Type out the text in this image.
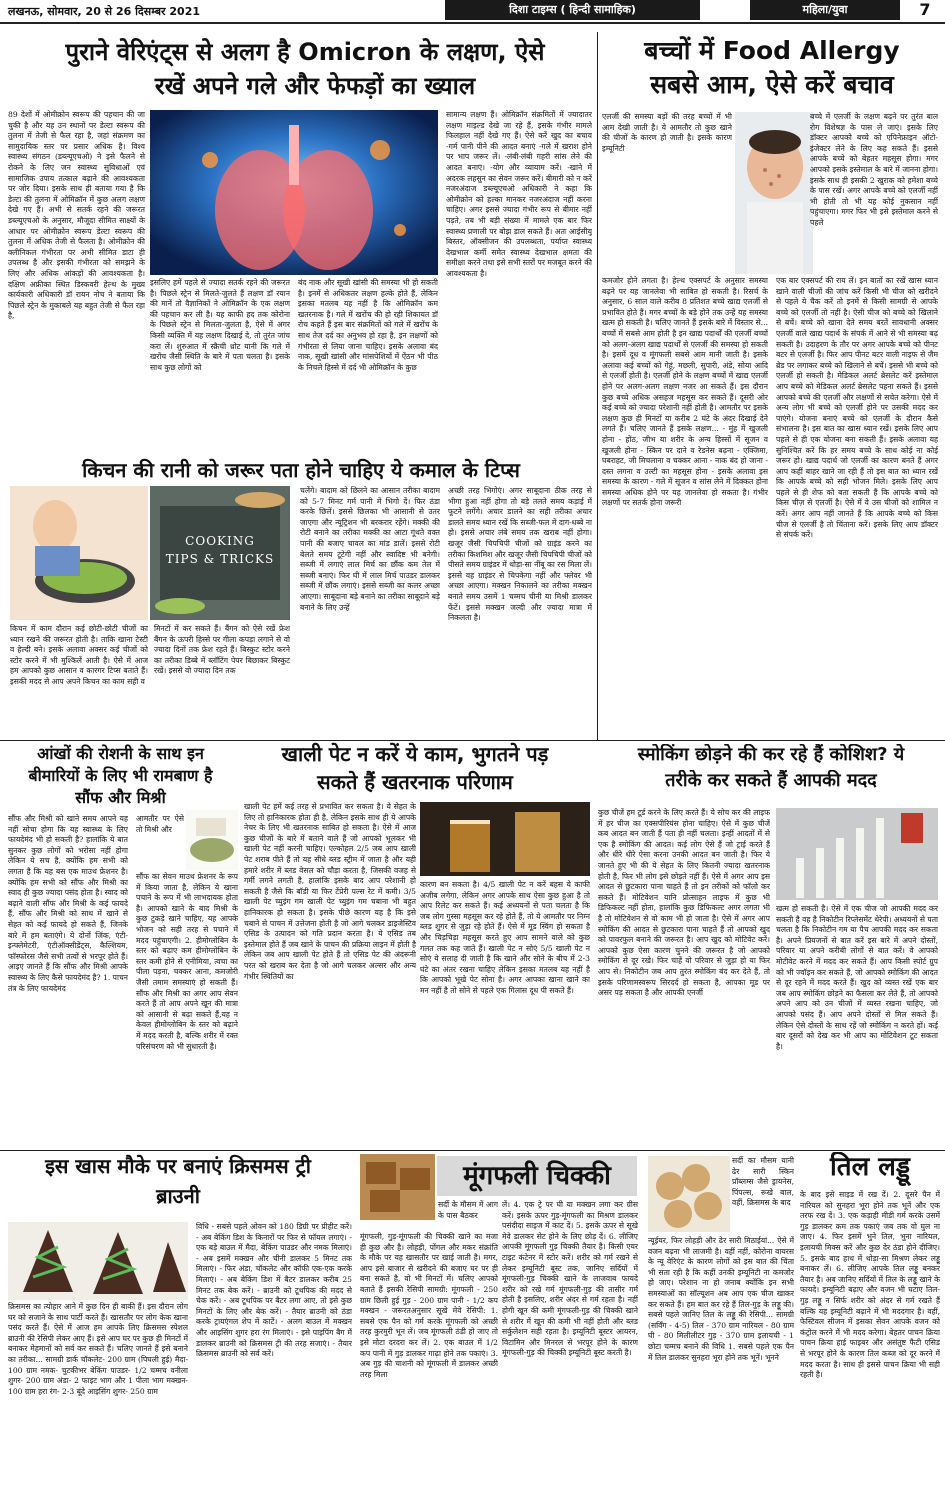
लखनऊ, सोमवार, 20 से 26 दिसम्बर 2021	दिशा टाइम्स ( हिन्दी सामाहिक)	महिला/युवा	7
पुराने वेरिएंट्स से अलग है Omicron के लक्षण, ऐसे
रखें अपने गले और फेफड़ों का ख्याल
89 देशों में ओमीक्रोन स्वरूप की पहचान की जा चुकी है और यह उन स्थानों पर डेल्टा स्वरूप की तुलना में तेजी से फैल रहा है, जहां संक्रमण का सामुदायिक स्तर पर प्रसार अधिक है। विश्व स्वास्थ्य संगठन (डब्ल्यूएचओ) ने इसे फैलने से रोकने के लिए जन स्वास्थ्य सुविधाओं एवं सामाजिक उपाय तत्काल बढ़ाने की आवश्यकता पर जोर दिया। इसके साथ ही बताया गया है कि डेल्टा की तुलना में ओमिक्रॉन में कुछ अलग लक्षण देखे गए हैं। अभी से सतर्क रहने की जरूरत डब्ल्यूएचओ के अनुसार, मौजूदा सीमित साक्ष्यों के आधार पर ओमीक्रोन स्वरूप डेल्टा स्वरूप की तुलना में अधिक तेजी से फैलता है। ओमीक्रोन की क्लीनिकल गंभीरता पर अभी सीमित डाटा ही उपलब्ध है और इसकी गंभीरता को समझने के लिए और अधिक आंकड़ों की आवश्यकता है। दक्षिण अफ्रीका स्थित डिस्कवरी हेल्थ के मुख्य कार्यकारी अधिकारी डॉ रायन नोच ने बताया कि पिछले स्ट्रेन के मुकाबले यह बहुत तेजी से फैल रहा है,
इसलिए हमें पहले से ज्यादा सतर्क रहने की जरूरत है। पिछले स्ट्रेन से मिलते-जुलते हैं लक्षण डॉ रयान की मानें तो वैज्ञानिकों ने ओमिक्रॉन के एक लक्षण की पहचान कर ली है। यह काफी हद तक कोरोना के पिछले स्ट्रेन से मिलता-जुलता है, ऐसे में अगर किसी व्यक्ति में यह लक्षण दिखाई दे, तो तुरंत जांच करा लें। शुरुआत में स्क्रैची थ्रोट यानी कि गले में खरोंच जैसी स्थिति के बारे में पता चलता है। इसके साथ कुछ लोगों को
बंद नाक और सूखी खांसी की समस्या भी हो सकती है। इनमें से अधिकतर लक्षण हल्के होते हैं, लेकिन इसका मतलब यह नहीं है कि ओमिक्रॉन कम खतरनाक है। गले में खरोंच की हो रही शिकायत डॉ रोच कहते हैं इस बार संक्रमितों को गले में खरोंच के साथ तेज दर्द का अनुभव हो रहा है, इन लक्षणों को गंभीरता से लिया जाना चाहिए। इसके अलावा बंद नाक, सूखी खांसी और मांसपेशियों में ऐंठन भी पीठ के निचले हिस्से में दर्द भी ओमिक्रॉन के कुछ
सामान्य लक्षण हैं। ओमिक्रॉन संक्रमितों में ज्यादातर लक्षण माइल्ड देखे जा रहे हैं, इसके गंभीर मामले फिलहाल नहीं देखे गए हैं। ऐसे करें खुद का बचाव -गर्म पानी पीने की आदत बनाएं -गले में खराश होने पर भाप जरूर लें। -लंबी-लंबी गहरी सांस लेने की आदत बनाएं। -योग और व्यायाम करें। -खाने में अदरक लहसुन का सेवन जरूर करें। बीमारी को न करें नजरअंदाज डब्ल्यूएचओ अधिकारी ने कहा कि ओमीक्रोन को हल्का मानकर नजरअंदाज नहीं करना चाहिए। अगर इससे ज्यादा गंभीर रूप से बीमार नहीं पड़ते, तब भी बड़ी संख्या में मामले एक बार फिर स्वास्थ्य प्रणाली पर बोझ डाल सकते हैं। अतः आईसीयू बिस्तर, ऑक्सीजन की उपलब्धता, पर्याप्त स्वास्थ्य देखभाल कर्मी समेत स्वास्थ्य देखभाल क्षमता की समीक्षा करने तथा इसे सभी स्तरों पर मजबूत करने की आवश्यकता है।
बच्चों में Food Allergy
सबसे आम, ऐसे करें बचाव
एलर्जी की समस्या बड़ों की तरह बच्चों में भी आम देखी जाती है। ये आमतौर तो कुछ खाने की चीजों के कारण हो जाती है। इसके कारण इम्यूनिटी
बच्चे में एलर्जी के लक्षण बढ़ने पर तुरंत बाल रोग विशेषज्ञ के पास ले जाएं। इसके लिए डॉक्टर आपको बच्चे को एपिनेफ्राइन ऑटो-इंजेक्टर लेने के लिए कह सकते हैं। इससे आपके बच्चे को बेहतर महसूस होगा। मगर आपको इसके इस्तेमाल के बारे में जानना होगा। इसके साथ ही इसकी 2 खुराक को हमेशा बच्चे के पास रखें। अगर आपके बच्चे को एलर्जी नहीं भी होती तो भी यह कोई नुकसान नहीं पहुंचाएगा। मगर फिर भी इसे इस्तेमाल करने से पहले
कमजोर होने लगता है। हेल्थ एक्सपर्ट के अनुसार समस्या बढ़ने पर यह जानलेवा भी साबित हो सकती है। रिसर्च के अनुसार, 6 साल वाले करीब 8 प्रतिशत बच्चे खाद्य एलर्जी से प्रभावित होते हैं। मगर बच्चों के बड़े होने तक उन्हें यह समस्या खत्म हो सकती है। चलिए जानते हैं इसके बारे में विस्तार से... बच्चों में सबसे आम होती है इन खाद्य पदार्थों की एलर्जी बच्चों को अलग-अलग खाद्य पदार्थों से एलर्जी की समस्या हो सकती है। इसमें दूध व मूंगफली सबसे आम मानी जाती है। इसके अलावा कई बच्चों को गेहूं, मछली, सुपारी, अंडे, सोया आदि से एलर्जी होती है। एलर्जी होने के लक्षण बच्चों में खाद्य एलर्जी होने पर अलग-अलग लक्षण नजर आ सकते हैं। इस दौरान कुछ बच्चे अधिक असहज महसूस कर सकते हैं। दूसरी ओर कई बच्चे को ज्यादा परेशानी नहीं होती है। आमतौर पर इसके लक्षण कुछ ही मिनटों या करीब 2 घंटे के अंदर दिखाई देने लगते हैं। चलिए जानते हैं इसके लक्षण... - मुंह में खुजली होना - होंठ, जीभ या शरीर के अन्य हिस्सों में सूजन व खुजली होना - स्किन पर दाने व रेडनेस बढ़ना - एक्जिमा, घबराहट, जी मिचलाना व चक्कर आना - नाक बंद हो जाना - दस्त लगना व उल्टी का महसूस होना - इसके अलावा इस समस्या के कारण - गले में सूजन व सांस लेने में दिक्कत होना समस्या अधिक होने पर यह जानलेवा हो सकता है। गंभीर लक्षणों पर सतर्क होना जरूरी
एक बार एक्सपर्ट की राय लें। इन बातों का रखें खास ध्यान खाने वाली चीजों की जांच करें किसी भी चीज को खरीदने से पहले ये चैक करें तो इनमें से किसी सामग्री से आपके बच्चे को एलर्जी तो नहीं है। ऐसी चीज को बच्चे को खिलाने से बचें। बच्चे को खाना देते समय बरतें सावधानी अक्सर एलर्जी वाले खाद्य पदार्थ के संपर्क में आने से भी समस्या बढ़ सकती है। उदाहरण के तौर पर अगर आपके बच्चे को पीनट बटर से एलर्जी है। फिर आप पीनट बटर वाली नाइफ से जैम ब्रेड पर लगाकर बच्चे को खिलाने से बचें। इससे भी बच्चे को एलर्जी हो सकती है। मेडिकल अलर्ट ब्रेसलेट करें इस्तेमाल आप बच्चे को मेडिकल अलर्ट ब्रेसलेट पहना सकते हैं। इससे आपको बच्चे की एलर्जी और लक्षणों से सचेत करेगा। ऐसे में अन्य लोग भी बच्चे को एलर्जी होने पर उसकी मदद कर पाएंगे। योजना बनाएं बच्चे को एलर्जी के दौरान कैसे संभालना है। इस बात का खास ध्यान रखें। इसके लिए आप पहले से ही एक योजना बना सकती हैं। इसके अलावा यह सुनिश्चित करें कि हर समय बच्चे के साथ कोई ना कोई जरूर हो। खाद्य पदार्थ जो एलर्जी का कारण बनते हैं अगर आप कहीं बाहर खाने जा रही हैं तो इस बात का ध्यान रखें कि आपके बच्चे को सही भोजन मिले। इसके लिए आप पहले से ही शेफ को बता सकती हैं कि आपके बच्चे को किस चीज़ से एलर्जी है। ऐसे में वे उस चीजों को शामिल न करें। अगर आप नहीं जानते हैं कि आपके बच्चे को किस चीज से एलर्जी है तो चिंताना करें। इसके लिए आप डॉक्टर से संपर्क करें।
किचन की रानी को जरूर पता होने चाहिए ये कमाल के टिप्स
COOKING
TIPS & TRICKS
किचन में काम दौरान कई छोटी-छोटी चीजों का ध्यान रखने की जरूरत होती है। ताकि खाना टेस्टी व हेल्दी बने। इसके अलावा अक्सर कई चीजों को स्टोर करने में भी मुश्किलें आती है। ऐसे में आज हम आपको कुछ आसान व कारगर टिप्स बताते हैं। इसकी मदद से आप अपने किचन का काम सही व
मिनटों में कर सकते हैं। बैंगन को ऐसे रखें फ्रेश बैंगन के ऊपरी हिस्से पर गीला कपड़ा लगाने से वो ज्यादा दिनों तक फ्रेश रहते हैं। बिस्कुट स्टोर करने का तरीका डिब्बे में ब्लॉटिंग पेपर बिछाकर बिस्कुट रखें। इससे वो ज्यादा दिन तक
चलेंगे। बादाम को छिलने का आसान तरीका बादाम को 5-7 मिनट गर्म पानी में भिगो दें। फिर ठंडा करके छिलें। इससे छिलका भी आसानी से उतर जाएगा और न्यूट्रिशन भी बरकरार रहेंगे। मक्की की रोटी बनाने का तरीका मक्की का आटा गूंथते वक्त पानी की बजाए चावल का मांड डालें। इससे रोटी बेलते समय टूटेगी नहीं और स्वादिष्ट भी बनेगी। सब्जी में लगाएं लाल मिर्च का छौंक कम तेल में सब्जी बनाएं। फिर घी में लाल मिर्च पाउडर डालकर सब्जी में छौंक लगाएं। इससे सब्जी का कलर अच्छा आएगा। साबूदाना बड़े बनाने का तरीका साबूदाने बड़े बनाने के लिए उन्हें
अच्छी तरह भिगोएं। अगर साबूदाना ठीक तरह से भीगा हुआ नहीं होगा तो बड़े तलते समय कड़ाई में फूटने लगेंगे। अचार डालने का सही तरीका अचार डालते समय ध्यान रखें कि सब्जी-फल में दाग-धब्बे ना हो। इससे अचार लंबे समय तक खराब नहीं होगा। खजूर जैसी चिपचिपी चीजों को ग्राइंड करने का तरीका किशमिश और खजूर जैसी चिपचिपी चीजों को पीसते समय ग्राइंडर में थोड़ा-सा नींबू का रस मिला लें। इससे वह ग्राइंडर से चिपकेगा नहीं और फ्लेवर भी अच्छा आएगा। मक्खन निकालने का तरीका मक्खन बनाते समय उसमें 1 चम्मच चीनी या मिश्री डालकर फेंटें। इससे मक्खन जल्दी और ज्यादा मात्रा में निकलता है।
आंखों की रोशनी के साथ इन
बीमारियों के लिए भी रामबाण है
सौंफ और मिश्री
सौंफ और मिश्री को खाने समय आपने यह नहीं सोचा होगा कि यह स्वास्थ्य के लिए फायदेमंद भी हो सकती है? हालांकि ये बात सुनकर कुछ लोगों को भरोसा नहीं होगा लेकिन ये सच है, क्योंकि हम सभी को लगता है कि यह बस एक माउथ फ्रेशनर है। क्योंकि हम सभी को सौंफ और मिश्री का स्वाद ही कुछ ज्यादा पसंद होता है। स्वाद को बढ़ाने वाली सौंफ और मिश्री के कई फायदे हैं, सौंफ और मिश्री को साथ में खाने से सेहत को कई फायदे हो सकते हैं, जिनके बारे में हम बताएंगे। ये दोनों जिंक, एंटी-इन्फ्लेमेटरी, एंटीऑक्सीडेंट्स, कैल्शियम, फॉस्फोरस जैसे सभी तत्वों से भरपूर होते हैं। आइए जानते हैं कि सौंफ और मिश्री आपके स्वास्थ्य के लिए कैसे फायदेमंद है? 1. पाचन तंत्र के लिए फायदेमंद
आमतौर पर ऐसे तो मिश्री और
सौंफ का सेवन माउथ फ्रेशनर के रूप में किया जाता है, लेकिन ये खाना पचाने के रूप में भी लाभदायक होता है। आपको खाने के बाद मिश्री के कुछ टुकड़े खाने चाहिए, यह आपके भोजन को सही तरह से पचाने में मदद पहुंचाएगी। 2. हीमोग्लोबिन के स्तर को बढ़ाए कम हीमोग्लोबिन के स्तर कमी होने से एनीमिया, त्वचा का पीला पड़ना, चक्कर आना, कमजोरी जैसी तमाम समस्याएं हो सकती हैं। सौंफ और मिश्री का अगर आप सेवन करते हैं तो आप अपने खून की मात्रा को आसानी से बढ़ा सकते हैं,यह न केवल हीमोग्लोबिन के स्तर को बढ़ाने में मदद करती है, बल्कि शरीर में रक्त परिसंचरण को भी सुधारती है।
खाली पेट न करें ये काम, भुगतने पड़
सकते हैं खतरनाक परिणाम
खाली पेट हमें कई तरह से प्रभावित कर सकता है। ये सेहत के लिए तो हानिकारक होता ही है, लेकिन इसके साथ ही ये आपके नेचर के लिए भी खतरनाक साबित हो सकता है। ऐसे में आज कुछ चीजों के बारे में बताने वाले हैं जो आपको भूलकर भी खाली पेट नहीं करनी चाहिए। एल्कोहल 2/5 जब आप खाली पेट शराब पीते हैं तो यह सीधे ब्लड स्ट्रीम में जाता है और यही हमारे शरीर में ब्लड वेसल को चौड़ा करता है, जिसकी वजह से गर्मी लगने लगती है, हालांकि इसके बाद आप परेशानी हो सकती है जैसे कि बॉडी या फिर टेंप्रेरी पल्स रेट में कमी। 3/5 खाली पेट च्युइंग गम खाली पेट च्युइंग गम चबाना भी बहुत हानिकारक हो सकता है। इसके पीछे कारण यह है कि इसे चबाने से पाचन में उत्तेजना होती है जो आगे चलकर डाइजेस्टिव एसिड के उत्पादन को गति प्रदान करता है। ये एसिड तब इस्तेमाल होते हैं जब खाने के पाचन की प्रक्रिया लाइन में होती है लेकिन जब आप खाली पेट होते हैं तो एसिड पेट की अंदरूनी परत को खराब कर देता है जो आगे चलकर अल्सर और अन्य गंभीर स्थितियों का
कारण बन सकता है। 4/5 खाली पेट न करें बहस ये काफी अजीब लगेगा, लेकिन अगर आपके साथ ऐसा कुछ हुआ है तो आप रिलेट कर सकते हैं। कई अध्ययनों से पता चलता है कि जब लोग गुस्सा महसूस कर रहे होते हैं, तो ये आमतौर पर निम्न ब्लड शुगर से जुड़ा रहे होते हैं। ऐसे में मूड स्विंग हो सकता है और चिड़चिड़ा महसूस करते हुए आप सामने वाले को कुछ गलत तक कह जाते हैं। खाली पेट न सोएं 5/5 खाली पेट न सोएं ये सलाह दी जाती है कि खाने और सोने के बीच में 2-3 घंटे का अंतर रखना चाहिए लेकिन इसका मतलब यह नहीं है कि आपको भूखे पेट सोना है। अगर आपका खाना खाने का मन नहीं है तो सोने से पहले एक गिलास दूध पी सकते हैं।
स्मोकिंग छोड़ने की कर रहे हैं कोशिश? ये
तरीके कर सकते हैं आपकी मदद
कुछ चीजें हम टूर्ड करने के लिए करते हैं। ये सोच कर की लाइफ में हर चीज का एक्सपीरियंस होना चाहिए। ऐसे में कुछ चीजें कब आदत बन जाती हैं पता ही नहीं चलता। इन्हीं आदतों में से एक है स्मोकिंग की आदत। कई लोग ऐसे हैं जो ट्राई करते हैं और धीरे धीरे ऐसा करना उनकी आदत बन जाती है। फिर ये जानते हुए भी की ये सेहत के लिए कितनी ज्यादा खतरनाक होती है, फिर भी लोग इसे छोड़ते नहीं हैं। ऐसे में अगर आप इस आदत से छुटकारा पाना चाहते हैं तो इन तरीकों को फॉलो कर सकते हैं। मोटिवेशन यानि प्रोत्साहन लाइफ में कुछ भी डिफिकल्ट नहीं होता, हालांकि कुछ डिफिकल्ट अगर लगता भी है तो मोटिवेशन से वो काम भी हो जाता है। ऐसे में अगर आप स्मोकिंग की आदत से छुटकारा पाना चाहते हैं तो आपको खुद को पावरफुल बनाने की जरूरत है। आप खुद को मोटिवेट करें। आपको कुछ ऐसा कारण चुनने की जरूरत है जो आपको स्मोकिंग से दूर रखे। फिर चाहें वो परिवार से जुड़ा हो या फिर आप से। निकोटीन जब आप तुरंत स्मोकिंग बंद कर देते हैं, तो इसके परिणामस्वरूप सिरदर्द हो सकता है, आपका मूड पर असर पड़ सकता है और आपकी एनर्जी
खत्म हो सकती है। ऐसे में एक चीज जो आपकी मदद कर सकती है वह है निकोटीन रिप्लेसमेंट थेरेपी। अध्ययनों से पता चलता है कि निकोटीन गम या पैच आपकी मदद कर सकता है। अपने प्रियजनों से बात करें इस बारे में अपने दोस्तों, परिवार या अपने करीबी लोगों से बात करें। वे आपको मोटीवेट करने में मदद कर सकते हैं। आप किसी स्पोर्ट ग्रुप को भी ज्वॉइन कर सकते हैं, जो आपको स्मोकिंग की आदत से दूर रहने में मदद करते हैं। खुद को व्यस्त रखें एक बार जब आप स्मोकिंग छोड़ने का फैसला कर लेते हैं, तो आपको अपने आप को उन चीजों में व्यस्त रखना चाहिए, जो आपको पसंद हैं। आप अपने दोस्तों से मिल सकते हैं। लेकिन ऐसे दोस्तों के साथ रहें जो स्मोकिंग न करते हों। कई बार दूसरों को देख कर भी आप का मोटिवेशन टूट सकता है।
इस खास मौके पर बनाएं क्रिसमस ट्री
ब्राउनी
क्रिसमस का त्योहार आने में कुछ दिन ही बाकी हैं। इस दौरान लोग घर को सजाने के साथ पार्टी करते हैं। खासतौर पर लोग केक खाना पसंद करते हैं। ऐसे में आज हम आपके लिए क्रिसमस स्पेशल ब्राउनी की रेसिपी लेकर आए हैं। इसे आप घर पर कुछ ही मिनटों में बनाकर मेहमानों को सर्व कर सकते हैं। चलिए जानते हैं इसे बनाने का तरीका... सामग्री डार्क चॉकलेट- 200 ग्राम (पिघली हुई) मैदा- 100 ग्राम नमक- चुटकीभर बेकिंग पाउडर- 1/2 चम्मच वनीला शुगर- 200 ग्राम अंडा- 2 फाइट भाग और 1 पीला भाग मक्खन- 100 ग्राम हरा रंग- 2-3 बूंदे आइसिंग शुगर- 250 ग्राम
विधि - सबसे पहले ओवन को 180 डिग्री पर प्रीहीट करें। - अब बेकिंग डिश के किनारों पर फिर से फॉयल लगाएं। - एक बड़े बाउल में मैदा, बेकिंग पाउडर और नमक मिलाएं। - अब इसमें मक्खन और चीनी डालकर 5 मिनट तक मिलाएं। - फिर अंडा, चॉकलेट और कॉफी एक-एक करके मिलाएं। - अब बेकिंग डिश में बैटर डालकर करीब 25 मिनट तक बेक करें। - ब्राउनी को टूथपिक की मदद से चेक करें। - अब टूथपिक पर बैटर लगा आए, तो इसे कुछ मिनटों के लिए और बेक करें। - तैयार ब्राउनी को ठंडा करके ट्रायएंगल शेप में काटें। - अलग बाउल में मक्खन और आइसिंग शुगर हरा रंग मिलाएं। - इसे पाइपिंग बैग में डालकर ब्राउनी को क्रिसमस ट्री की तरह सजाएं। - तैयार क्रिसमस ब्राउनी को सर्व करें।
मूंगफली चिक्की
सर्दी के मौसम में आग के पास बैठकर
मूंगफली, गुड़-मूंगफली की चिक्की खाने का मजा ही कुछ और है। लोहड़ी, पोंगल और मकर संक्रांति के मौके पर यह खासतौर पर खाई जाती है। मगर, आप इसे बाजार से खरीदने की बजाए घर पर ही बना सकते है, वो भी मिनटों में। चलिए आपको बताते हैं इसकी रेसिपी सामग्री: मूंगफली - 250 ग्राम छिली हुई गुड़ - 200 ग्राम पानी - 1/2 कप मक्खन - जरूरतअनुसार सूखे मेवे रेसिपी: 1. सबसे एक पैन को गर्म करके मूंगफली को अच्छी तरह कुरमुरी भून लें। जब मूंगफली ठंडी हो जाए तो इसे मोटा दरदरा कर लें। 2. एक बाउल में 1/2 कप पानी में गुड़ डालकर गाढ़ा होने तक पकाएं। 3. अब गुड़ की चाशनी को मूंगफली में डालकर अच्छी तरह मिला
लें। 4. एक ट्रे पर घी या मक्खन लगा कर ग्रीस करें। इसके ऊपर गुड़-मूंगफली का मिश्रण डालकर पसंदीदा साइज में काट दें। 5. इसके ऊपर से सूखे मेवे डालकर सेट होने के लिए छोड़ दें। 6. लीजिए आपकी मूंगफली गुड़ चिक्की तैयार है। किसी एयर टाइट कंटेनर में स्टोर करें। शरीर को गर्म रखने से लेकर इम्यूनिटी बूस्ट तक, जानिए सर्दियों में मूंगफली-गुड़ चिक्की खाने के लाजवाब फायदे शरीर को रखे गर्म मूंगफली-गुड़ की तासीर गर्म होती है इसलिए, शरीर अंदर से गर्म रहता है। नहीं होगी खून की कमी मूंगफली-गुड़ की चिक्की खाने से शरीर में खून की कमी भी नहीं होती और ब्लड सर्कुलेशन सही रहता है। इम्यूनिटी बूस्टर आयरन, विटामिन और मिनरल से भरपूर होने के कारण मूंगफली-गुड़ की चिक्की इम्यूनिटी बूस्ट करती है।
सर्दी का मौसम यानी ढेर सारी स्किन प्रॉब्लम्स जैसे ड्रायनेस, पिंपल्स, रूखे बाल, वहीं, क्रिसमस के बाद
न्यूईयर, फिर लोहड़ी और ढेर सारी मिठाईयां... ऐसे में वजन बढ़ना भी लाजमी है। वहीं नहीं, कोरोना वायरस के न्यू वेरिएंट के कारण लोगों को इस बात की चिंता भी सता रही है कि कहीं उनकी इम्यूनिटी ना कमजोर हो जाए। परेशान ना हो जनाब क्योंकि इन सभी समस्याओं का सॉल्यूशन अब आप एक चीज खाकर कर सकते हैं। हम बात कर रहे हैं तिल-गुड़ के लड्डू की। सबसे पहले जानिए तिल के लड्डू की रेसिपी... सामग्री (सर्विंग - 4-5) तिल - 370 ग्राम नारियल - 80 ग्राम घी - 80 मिलीलीटर गुड़ - 370 ग्राम इलायची - 1 छोटा चम्मच बनाने की विधि 1. सबसे पहले एक पैन में तिल डालकर सुनहरा भूरा होने तक भूनें। भूनने
तिल लड्डू
के बाद इसे साइड में रख दें। 2. दूसरे पैन में नारियल को सुनहरा भूरा होने तक भूनें और एक तरफ रख दें। 3. एक कड़ाही मीडी गर्म करके उसमें गुड़ डालकर कम तक पकाएं जब तक वो घुल ना जाए। 4. फिर इसमें भुने तिल, भुना नारियल, इलायची मिक्स करें और कुछ देर ठंडा होने दीजिए। 5. इसके बाद हाथ में थोड़ा-सा मिश्रण लेकर लड्डू बनाकर लें। 6. लीजिए आपके तिल लड्डू बनकर तैयार है। अब जानिए सर्दियों में तिल के लड्डू खाने के फायदे। इम्यूनिटी बढ़ाए और वजन भी घटाए तिल-गुड़ लड्डू न सिर्फ शरीर को अंदर से गर्म रखते हैं बल्कि यह इम्यूनिटी बढ़ाने में भी मददगार है। वहीं, फेस्टिवल सीजन में इसका सेवन आपके वजन को कंट्रोल करने में भी मदद करेगा। बेहतर पाचन क्रिया पाचन क्रिया हाई फाइबर और असंतुष्ट फैटी एसिड से भरपूर होने के कारण तिल कब्ज को दूर करने में मदद करता है। साथ ही इससे पाचन क्रिया भी सही रहती है।
